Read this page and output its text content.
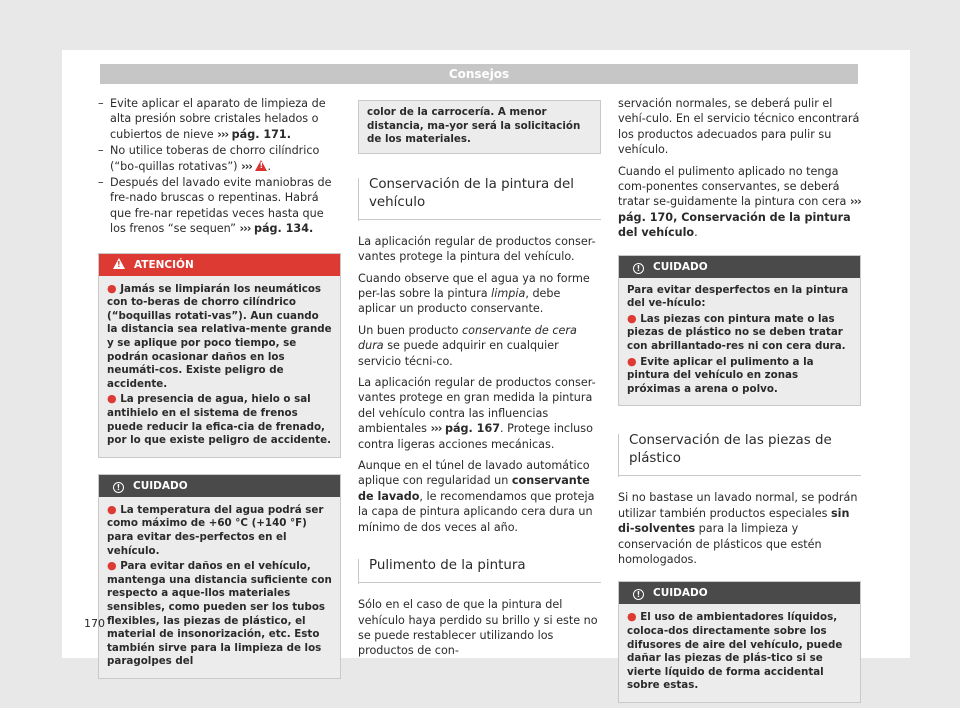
Consejos
– Evite aplicar el aparato de limpieza de alta presión sobre cristales helados o cubiertos de nieve ››› pág. 171.
– No utilice toberas de chorro cilíndrico (“bo-quillas rotativas”) ››› ! .
– Después del lavado evite maniobras de fre-nado bruscas o repentinas. Habrá que fre-nar repetidas veces hasta que los frenos “se sequen” ››› pág. 134.
!ATENCIÓN

● Jamás se limpiarán los neumáticos con to-beras de chorro cilíndrico (“boquillas rotati-vas”). Aun cuando la distancia sea relativa-mente grande y se aplique por poco tiempo, se podrán ocasionar daños en los neumáti-cos. Existe peligro de accidente.

● La presencia de agua, hielo o sal antihielo en el sistema de frenos puede reducir la efica-cia de frenado, por lo que existe peligro de accidente.

! CUIDADO

● La temperatura del agua podrá ser como máximo de +60 °C (+140 °F) para evitar des-perfectos en el vehículo.

● Para evitar daños en el vehículo, mantenga una distancia suficiente con respecto a aque-llos materiales sensibles, como pueden ser los tubos flexibles, las piezas de plástico, el material de insonorización, etc. Esto también sirve para la limpieza de los paragolpes del

color de la carrocería. A menor distancia, ma-yor será la solicitación de los materiales.
Conservación de la pintura del vehículo

La aplicación regular de productos conser-vantes protege la pintura del vehículo.

Cuando observe que el agua ya no forme per-las sobre la pintura limpia, debe aplicar un producto conservante.

Un buen producto conservante de cera dura se puede adquirir en cualquier servicio técni-co.

La aplicación regular de productos conser-vantes protege en gran medida la pintura del vehículo contra las influencias ambientales ››› pág. 167. Protege incluso contra ligeras acciones mecánicas.

Aunque en el túnel de lavado automático aplique con regularidad un conservante de lavado, le recomendamos que proteja la capa de pintura aplicando cera dura un mínimo de dos veces al año.

Pulimento de la pintura

Sólo en el caso de que la pintura del vehículo haya perdido su brillo y si este no se puede restablecer utilizando los productos de con-

servación normales, se deberá pulir el vehí-culo. En el servicio técnico encontrará los productos adecuados para pulir su vehículo.

Cuando el pulimento aplicado no tenga com-ponentes conservantes, se deberá tratar se-guidamente la pintura con cera ››› pág. 170, Conservación de la pintura del vehículo.

! CUIDADO

Para evitar desperfectos en la pintura del ve-hículo:

● Las piezas con pintura mate o las piezas de plástico no se deben tratar con abrillantado-res ni con cera dura.

● Evite aplicar el pulimento a la pintura del vehículo en zonas próximas a arena o polvo.

Conservación de las piezas de plástico

Si no bastase un lavado normal, se podrán utilizar también productos especiales sin di-solventes para la limpieza y conservación de plásticos que estén homologados.

! CUIDADO

● El uso de ambientadores líquidos, coloca-dos directamente sobre los difusores de aire del vehículo, puede dañar las piezas de plás-tico si se vierte líquido de forma accidental sobre estas.

170
